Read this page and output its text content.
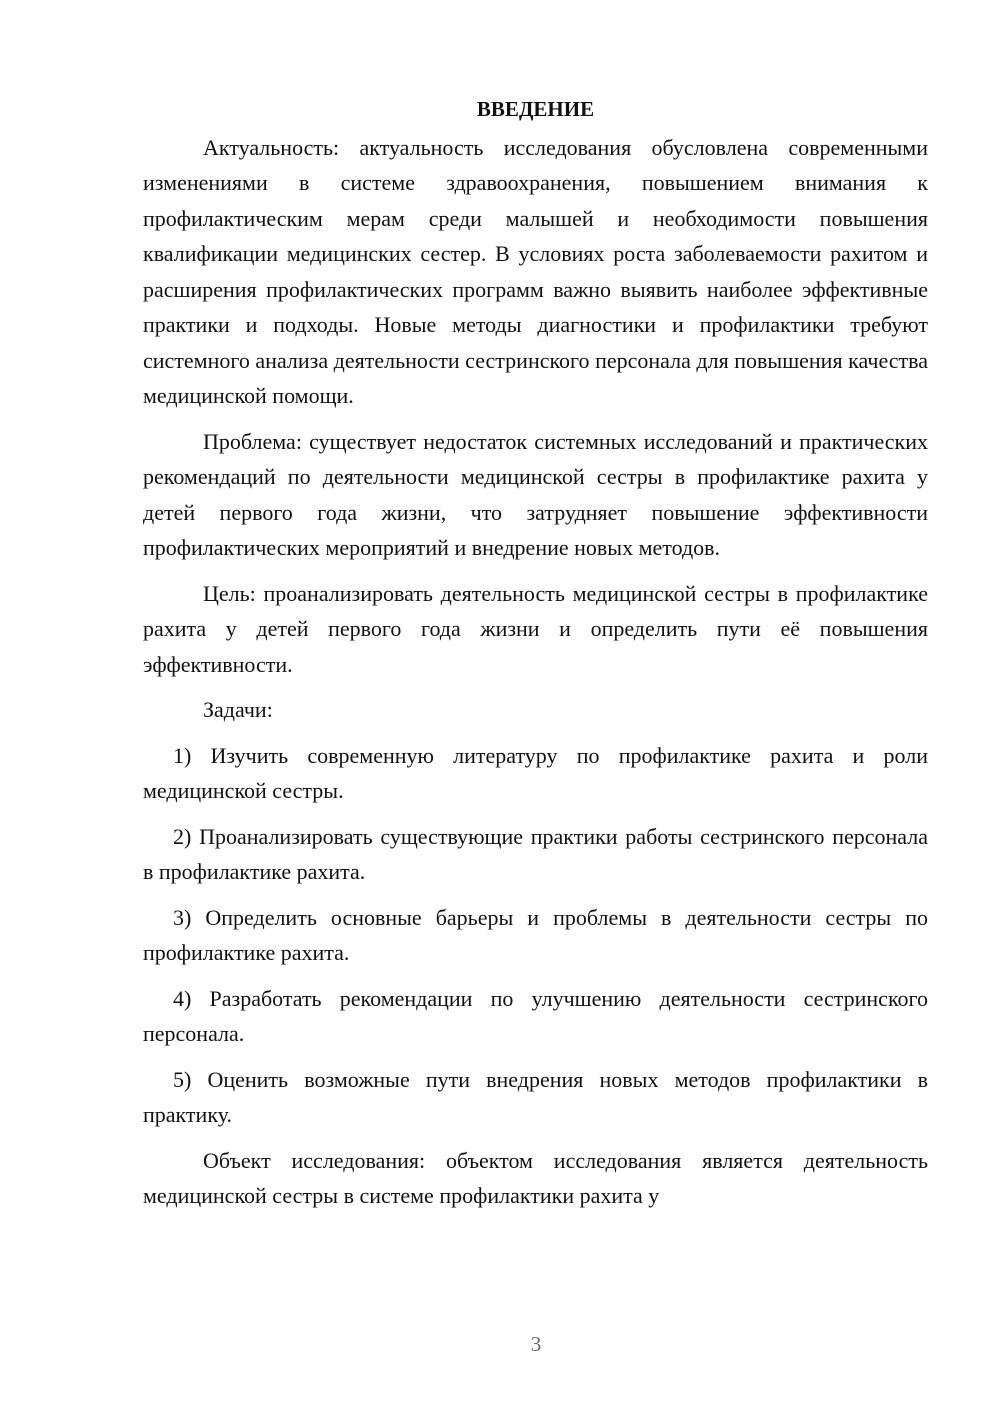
ВВЕДЕНИЕ

Актуальность: актуальность исследования обусловлена современными изменениями в системе здравоохранения, повышением внимания к профилактическим мерам среди малышей и необходимости повышения квалификации медицинских сестер. В условиях роста заболеваемости рахитом и расширения профилактических программ важно выявить наиболее эффективные практики и подходы. Новые методы диагностики и профилактики требуют системного анализа деятельности сестринского персонала для повышения качества медицинской помощи.

Проблема: существует недостаток системных исследований и практических рекомендаций по деятельности медицинской сестры в профилактике рахита у детей первого года жизни, что затрудняет повышение эффективности профилактических мероприятий и внедрение новых методов.

Цель: проанализировать деятельность медицинской сестры в профилактике рахита у детей первого года жизни и определить пути её повышения эффективности.

Задачи:

1) Изучить современную литературу по профилактике рахита и роли медицинской сестры.

2) Проанализировать существующие практики работы сестринского персонала в профилактике рахита.

3) Определить основные барьеры и проблемы в деятельности сестры по профилактике рахита.

4) Разработать рекомендации по улучшению деятельности сестринского персонала.

5) Оценить возможные пути внедрения новых методов профилактики в практику.

Объект исследования: объектом исследования является деятельность медицинской сестры в системе профилактики рахита у

3
